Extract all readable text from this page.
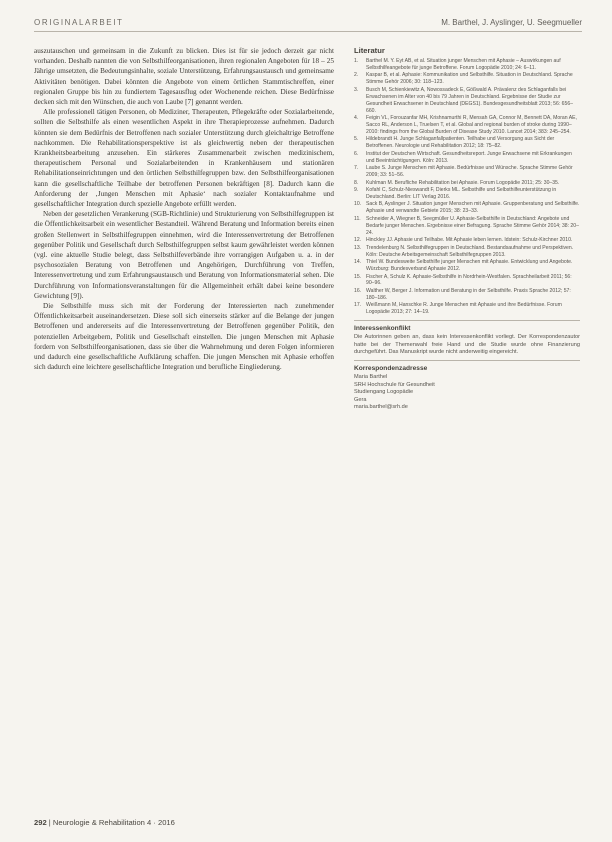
ORIGINALARBEIT	M. Barthel, J. Ayslinger, U. Seegmueller

auszutauschen und gemeinsam in die Zukunft zu blicken. Dies ist für sie jedoch derzeit gar nicht vorhanden. Deshalb nannten die von Selbsthilfeorganisationen, ihren regionalen Angeboten für 18 – 25 Jährige umsetzten, die Bedeutungsinhalte, soziale Unterstützung, Erfahrungsaustausch und gemeinsame Aktivitäten benötigen. Dabei könnten die Angebote von einem örtlichen Stammtischreffen, einer regionalen Gruppe bis hin zu fundiertem Tagesausflug oder Wochenende reichen. Diese Bedürfnisse decken sich mit den Wünschen, die auch von Laube [7] genannt werden.

Alle professionell tätigen Personen, ob Mediziner, Therapeuten, Pflegekräfte oder Sozialarbeitende, sollten die Selbsthilfe als einen wesentlichen Aspekt in ihre Therapieprozesse aufnehmen. Dadurch könnten sie dem Bedürfnis der Betroffenen nach sozialer Unterstützung durch gleichaltrige Betroffene nachkommen. Die Rehabilitationsperspektive ist als gleichwertig neben der therapeutischen Krankheitsbearbeitung anzusehen. Ein stärkeres Zusammenarbeit zwischen medizinischem, therapeutischem Personal und Sozialarbeitenden in Krankenhäusern und stationären Rehabilitationseinrichtungen und den örtlichen Selbsthilfegruppen bzw. den Selbsthilfeorganisationen kann die gesellschaftliche Teilhabe der betroffenen Personen bekräftigen [8]. Dadurch kann die Anforderung der ‚Jungen Menschen mit Aphasie‘ nach sozialer Kontaktaufnahme und gesellschaftlicher Integration durch spezielle Angebote erfüllt werden.

Neben der gesetzlichen Verankerung (SGB-Richtlinie) und Strukturierung von Selbsthilfegruppen ist die Öffentlichkeitsarbeit ein wesentlicher Bestandteil. Während Beratung und Information bereits einen großen Stellenwert in Selbsthilfegruppen einnehmen, wird die Interessenvertretung der Betroffenen gegenüber Politik und Gesellschaft durch Selbsthilfegruppen selbst kaum gewährleistet werden können (vgl. eine aktuelle Studie belegt, dass Selbsthilfeverbände ihre vorrangigen Aufgaben u. a. in der psychosozialen Beratung von Betroffenen und Angehörigen, Durchführung von Treffen, Interessenvertretung und zum Erfahrungsaustausch und Beratung von Informationsmaterial sehen. Die Durchführung von Informationsveranstaltungen für die Allgemeinheit erhält dabei keine besondere Gewichtung [9]).

Die Selbsthilfe muss sich mit der Forderung der Interessierten nach zunehmender Öffentlichkeitsarbeit auseinandersetzen. Diese soll sich einerseits stärker auf die Belange der jungen Betroffenen und andererseits auf die Interessenvertretung der Betroffenen gegenüber Politik, den potenziellen Arbeitgebern, Politik und Gesellschaft einstellen. Die jungen Menschen mit Aphasie fordern von Selbsthilfeorganisationen, dass sie über die Wahrnehmung und deren Folgen informieren und dadurch eine gesellschaftliche Aufklärung schaffen. Die jungen Menschen mit Aphasie erhoffen sich dadurch eine leichtere gesellschaftliche Integration und berufliche Eingliederung.

Literatur
1.	Barthel M. Y. Eyt AB, et al. Situation junger Menschen mit Aphasie – Auswirkungen auf Selbsthilfeangebote für junge Betroffene. Forum Logopädie 2010; 24: 6–11.
2.	Kaspar B, et al. Aphasie: Kommunikation und Selbsthilfe. Situation in Deutschland. Sprache Stimme Gehör 2006; 30: 118–123.
3.	Busch M, Schienkiewitz A, Nowossadeck E, Gößwald A. Prävalenz des Schlaganfalls bei Erwachsenen im Alter von 40 bis 79 Jahren in Deutschland. Ergebnisse der Studie zur Gesundheit Erwachsener in Deutschland (DEGS1). Bundesgesundheitsblatt 2013; 56: 656–660.
4.	Feigin VL, Forouzanfar MH, Krishnamurthi R, Mensah GA, Connor M, Bennett DA, Moran AE, Sacco RL, Anderson L, Truelsen T, et al. Global and regional burden of stroke during 1990–2010: findings from the Global Burden of Disease Study 2010. Lancet 2014; 383: 245–254.
5.	Hildebrandt H. Junge Schlaganfallpatienten. Teilhabe und Versorgung aus Sicht der Betroffenen. Neurologie und Rehabilitation 2012; 18: 75–82.
6.	Institut der Deutschen Wirtschaft. Gesundheitsreport. Junge Erwachsene mit Erkrankungen und Beeinträchtigungen. Köln: 2013.
7.	Laube S. Junge Menschen mit Aphasie. Bedürfnisse und Wünsche. Sprache Stimme Gehör 2009; 33: 51–56.
8.	Kuhlman M. Berufliche Rehabilitation bei Aphasie. Forum Logopädie 2011; 25: 30–35.
9.	Kofahl C, Schulz-Nieswandt F, Dierks ML. Selbsthilfe und Selbsthilfeunterstützung in Deutschland. Berlin: LIT Verlag 2016.
10. Sack B, Ayslinger J. Situation junger Menschen mit Aphasie. Gruppenberatung und Selbsthilfe. Aphasie und verwandte Gebiete 2015; 38: 23–33.
11.	Schneider A, Wiegner B, Seegmüller U. Aphasie-Selbsthilfe in Deutschland: Angebote und Bedarfe junger Menschen. Ergebnisse einer Befragung. Sprache Stimme Gehör 2014; 38: 20–24.
12. Hinckley JJ. Aphasie und Teilhabe. Mit Aphasie leben lernen. Idstein: Schulz-Kirchner 2010.
13. Trendelenburg N. Selbsthilfegruppen in Deutschland. Bestandsaufnahme und Perspektiven. Köln: Deutsche Arbeitsgemeinschaft Selbsthilfegruppen 2013.
14. Thiel W. Bundesweite Selbsthilfe junger Menschen mit Aphasie. Entwicklung und Angebote. Würzburg: Bundesverband Aphasie 2012.
15. Fischer A, Schulz K. Aphasie-Selbsthilfe in Nordrhein-Westfalen. Sprachheilarbeit 2011; 56: 90–96.
16. Walther W, Berger J. Information und Beratung in der Selbsthilfe. Praxis Sprache 2012; 57: 180–186.
17. Weißmann M, Hanschke R. Junge Menschen mit Aphasie und ihre Bedürfnisse. Forum Logopädie 2013; 27: 14–19.
Interessenkonflikt
Die Autorinnen geben an, dass kein Interessenkonflikt vorliegt. Der Korrespondenzautor hatte bei der Themenwahl freie Hand und die Studie wurde ohne Finanzierung durchgeführt. Das Manuskript wurde nicht anderweitig eingereicht.
Korrespondenzadresse
Maria Barthel
SRH Hochschule für Gesundheit
Studiengang Logopädie
Gera
maria.barthel@srh.de
292 | Neurologie & Rehabilitation 4 · 2016
